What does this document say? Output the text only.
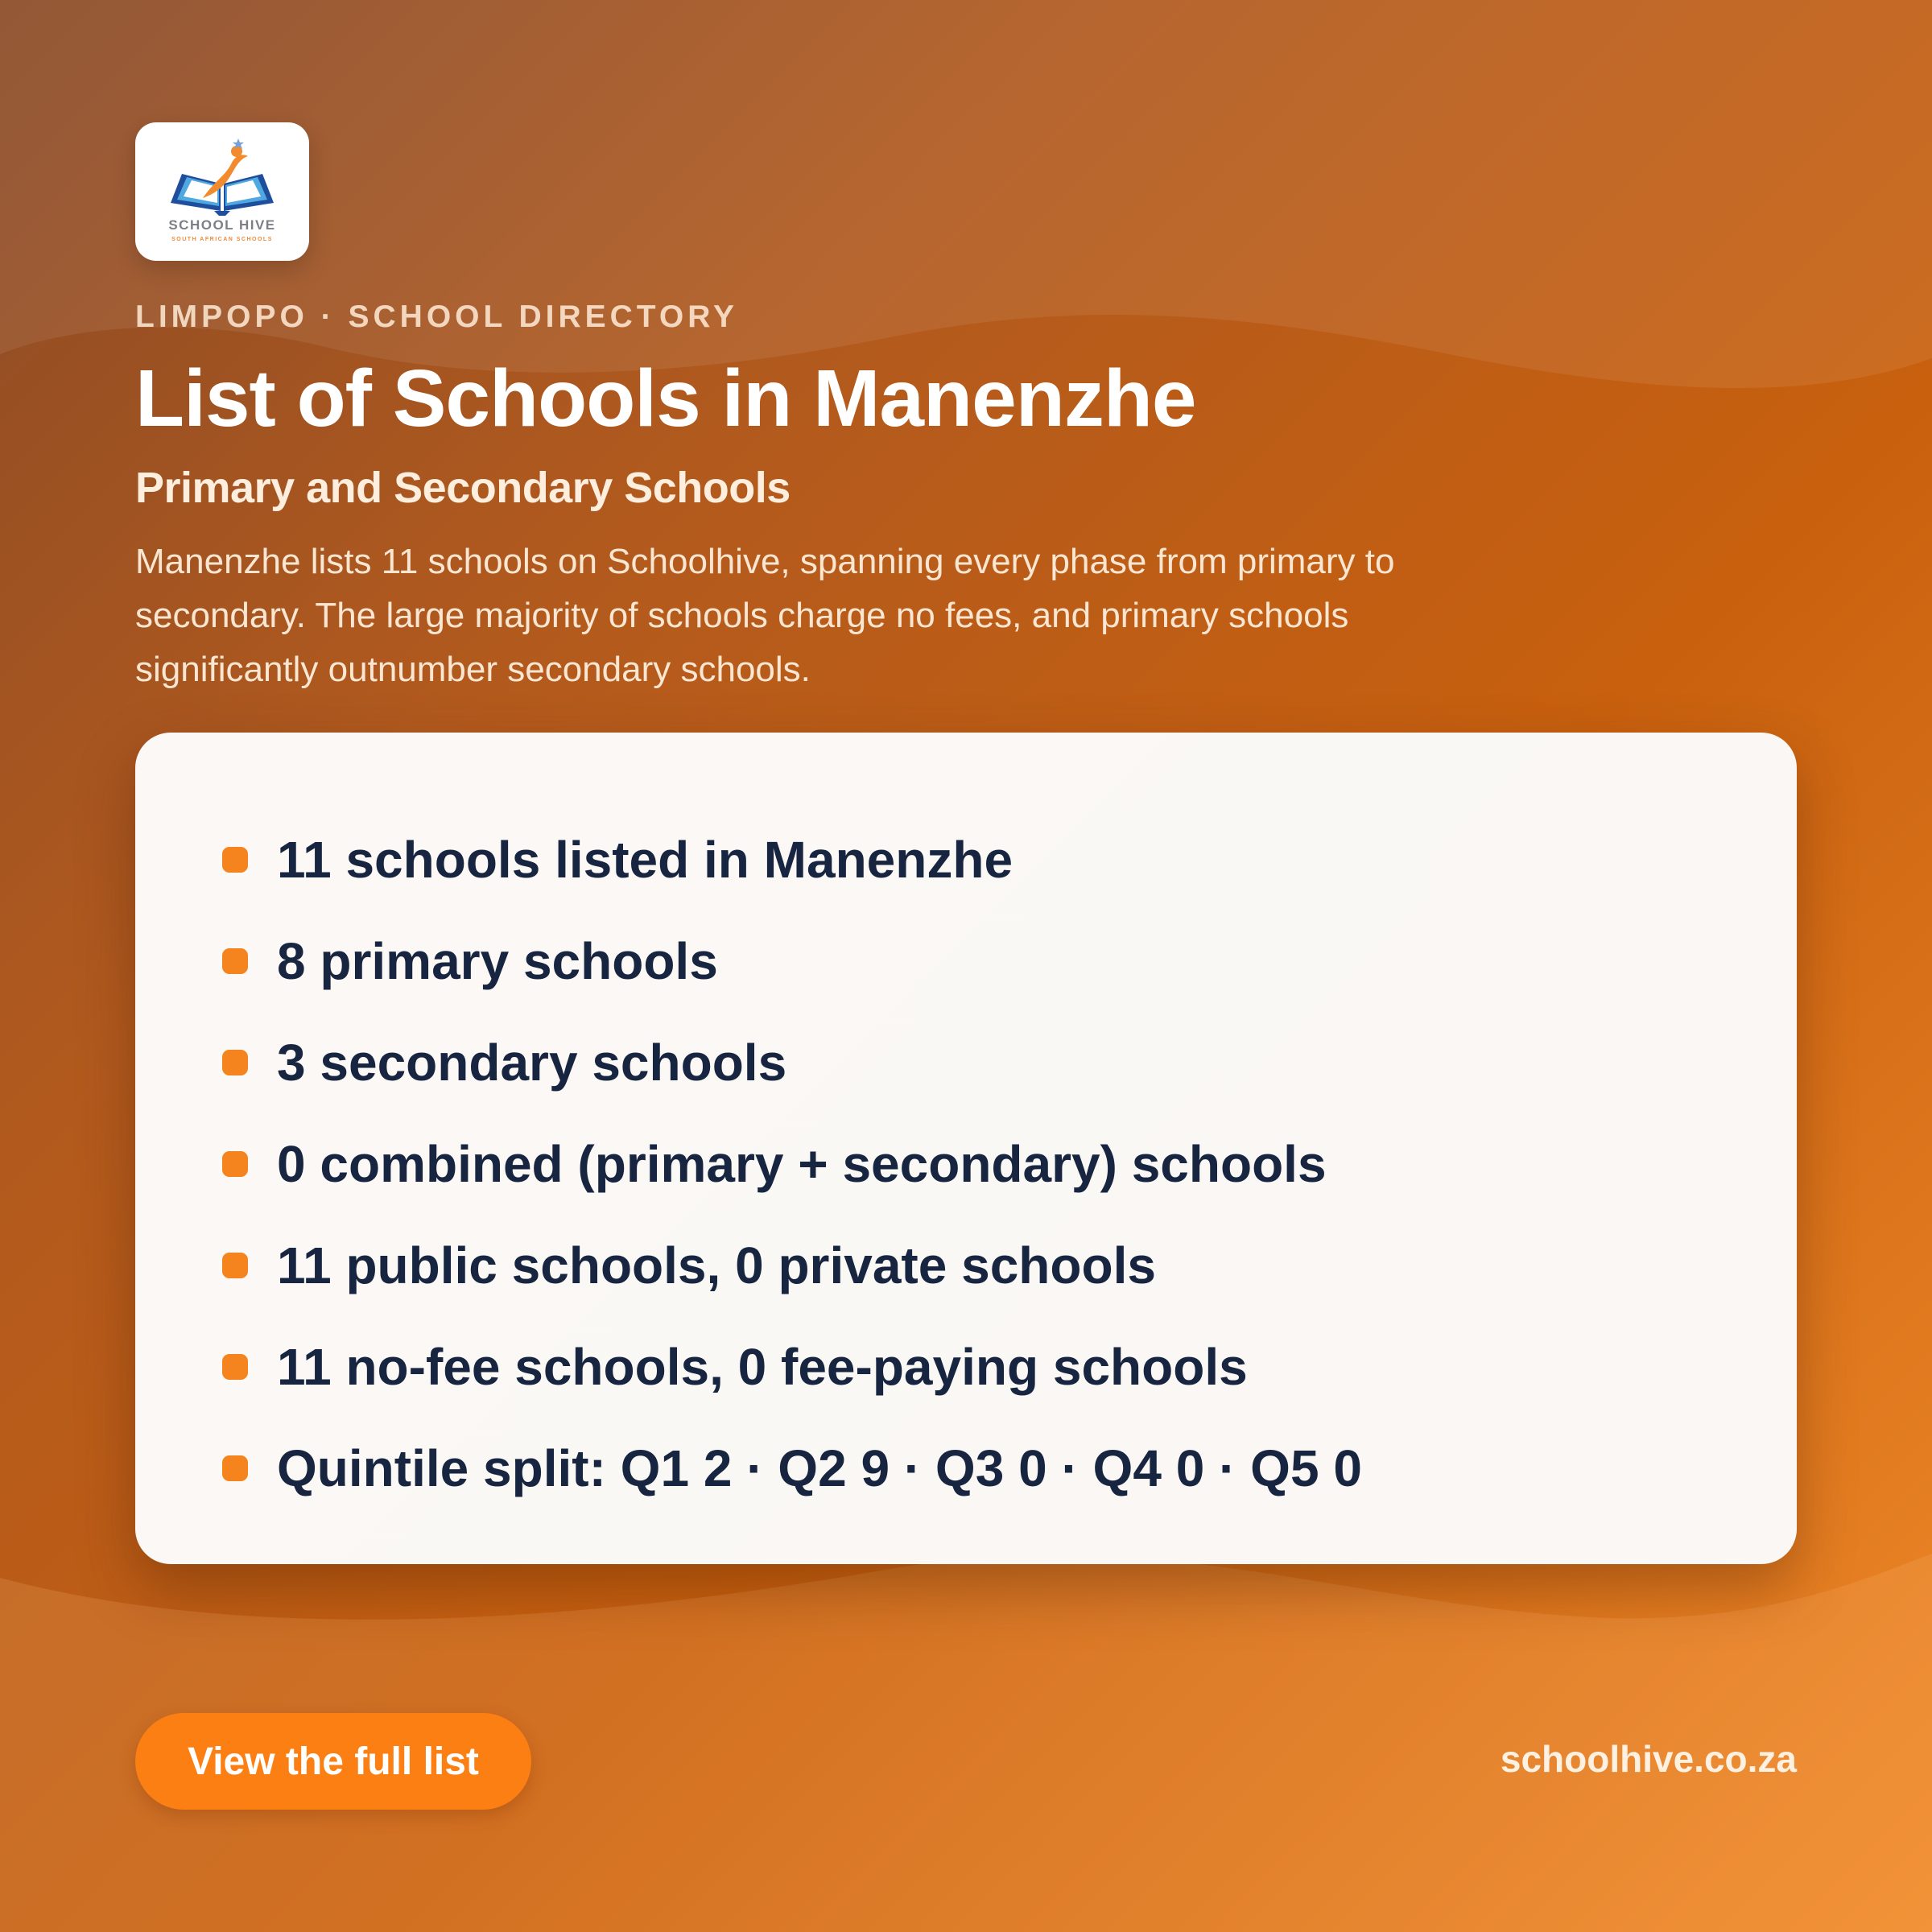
SCHOOL HIVE
SOUTH AFRICAN SCHOOLS
LIMPOPO · SCHOOL DIRECTORY
List of Schools in Manenzhe
Primary and Secondary Schools
Manenzhe lists 11 schools on Schoolhive, spanning every phase from primary to secondary. The large majority of schools charge no fees, and primary schools significantly outnumber secondary schools.
11 schools listed in Manenzhe
8 primary schools
3 secondary schools
0 combined (primary + secondary) schools
11 public schools, 0 private schools
11 no-fee schools, 0 fee-paying schools
Quintile split: Q1 2 · Q2 9 · Q3 0 · Q4 0 · Q5 0
View the full list	schoolhive.co.za
